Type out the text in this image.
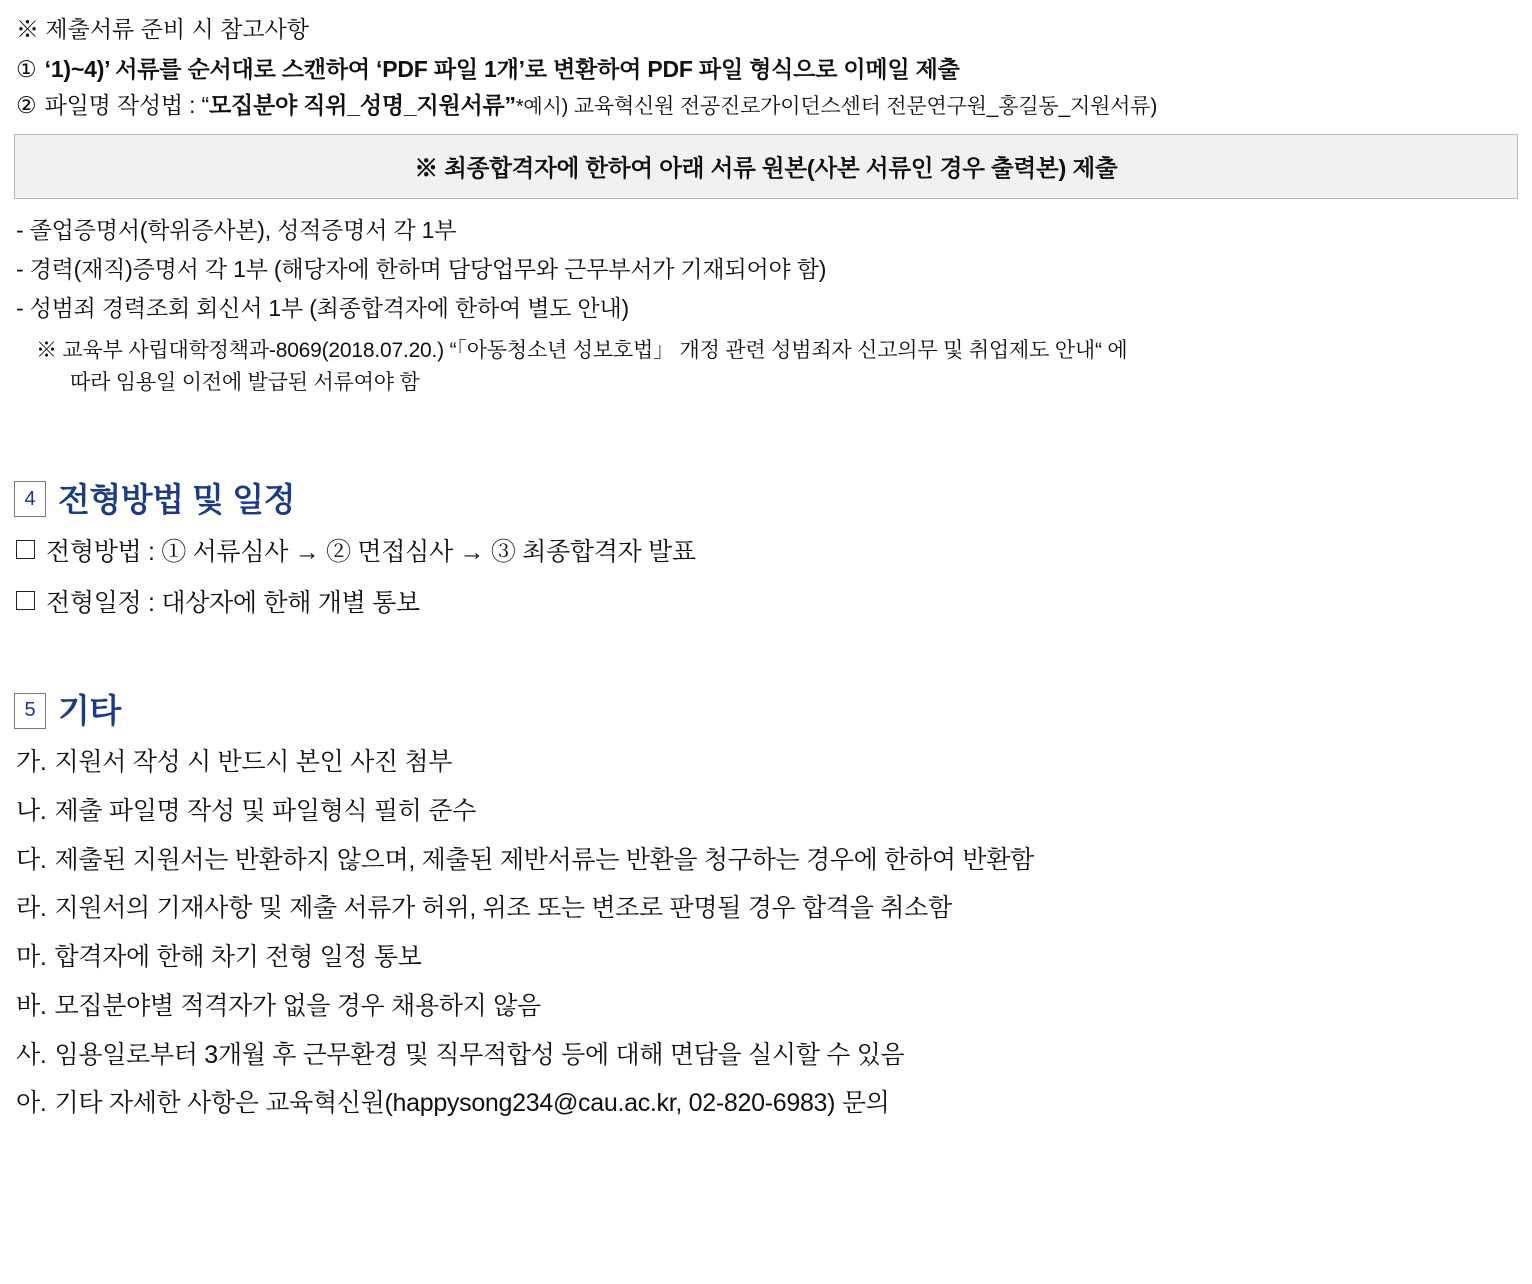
※ 제출서류 준비 시 참고사항
① ‘1)~4)’ 서류를 순서대로 스캔하여 ‘PDF 파일 1개’로 변환하여 PDF 파일 형식으로 이메일 제출
② 파일명 작성법 : “모집분야 직위_성명_지원서류”*예시) 교육혁신원 전공진로가이던스센터 전문연구원_홍길동_지원서류)
※ 최종합격자에 한하여 아래 서류 원본(사본 서류인 경우 출력본) 제출
- 졸업증명서(학위증사본), 성적증명서 각 1부
- 경력(재직)증명서 각 1부 (해당자에 한하며 담당업무와 근무부서가 기재되어야 함)
- 성범죄 경력조회 회신서 1부 (최종합격자에 한하여 별도 안내)
※ 교육부 사립대학정책과-8069(2018.07.20.) “「아동청소년 성보호법」 개정 관련 성범죄자 신고의무 및 취업제도 안내“ 에
따라 임용일 이전에 발급된 서류여야 함
4 전형방법 및 일정
전형방법 : ① 서류심사 → ② 면접심사 → ③ 최종합격자 발표
전형일정 : 대상자에 한해 개별 통보
5 기타
가. 지원서 작성 시 반드시 본인 사진 첨부
나. 제출 파일명 작성 및 파일형식 필히 준수
다. 제출된 지원서는 반환하지 않으며, 제출된 제반서류는 반환을 청구하는 경우에 한하여 반환함
라. 지원서의 기재사항 및 제출 서류가 허위, 위조 또는 변조로 판명될 경우 합격을 취소함
마. 합격자에 한해 차기 전형 일정 통보
바. 모집분야별 적격자가 없을 경우 채용하지 않음
사. 임용일로부터 3개월 후 근무환경 및 직무적합성 등에 대해 면담을 실시할 수 있음
아. 기타 자세한 사항은 교육혁신원(happysong234@cau.ac.kr, 02-820-6983) 문의
